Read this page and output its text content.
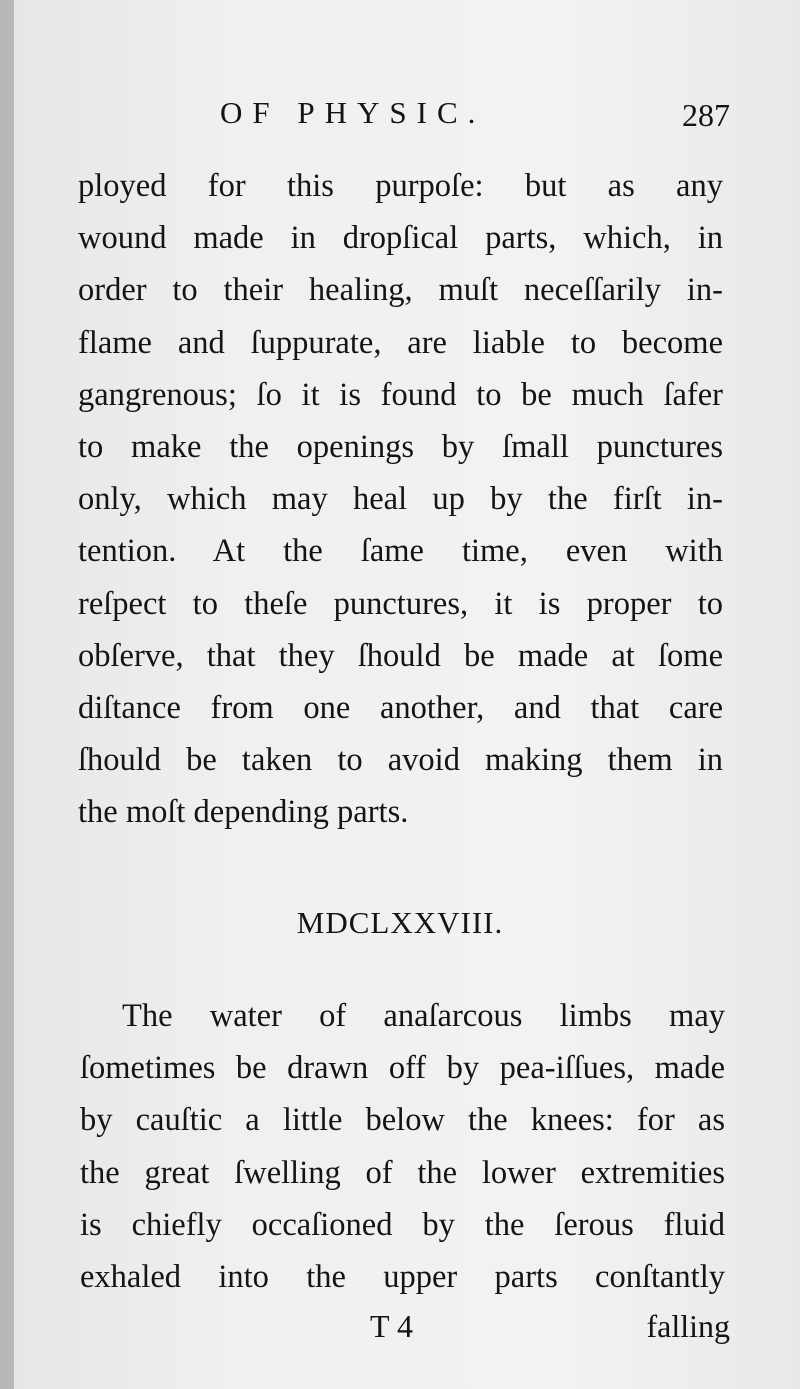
OF PHYSIC.	287
ployed for this purpoſe: but as any
wound made in dropſical parts, which, in
order to their healing, muſt neceſſarily in-
flame and ſuppurate, are liable to become
gangrenous; ſo it is found to be much ſafer
to make the openings by ſmall punctures
only, which may heal up by the firſt in-
tention. At the ſame time, even with
reſpect to theſe punctures, it is proper to
obſerve, that they ſhould be made at ſome
diſtance from one another, and that care
ſhould be taken to avoid making them in
the moſt depending parts.
MDCLXXVIII.
The water of anaſarcous limbs may
ſometimes be drawn off by pea-iſſues, made
by cauſtic a little below the knees: for as
the great ſwelling of the lower extremities
is chiefly occaſioned by the ſerous fluid
exhaled into the upper parts conſtantly
T 4	falling
